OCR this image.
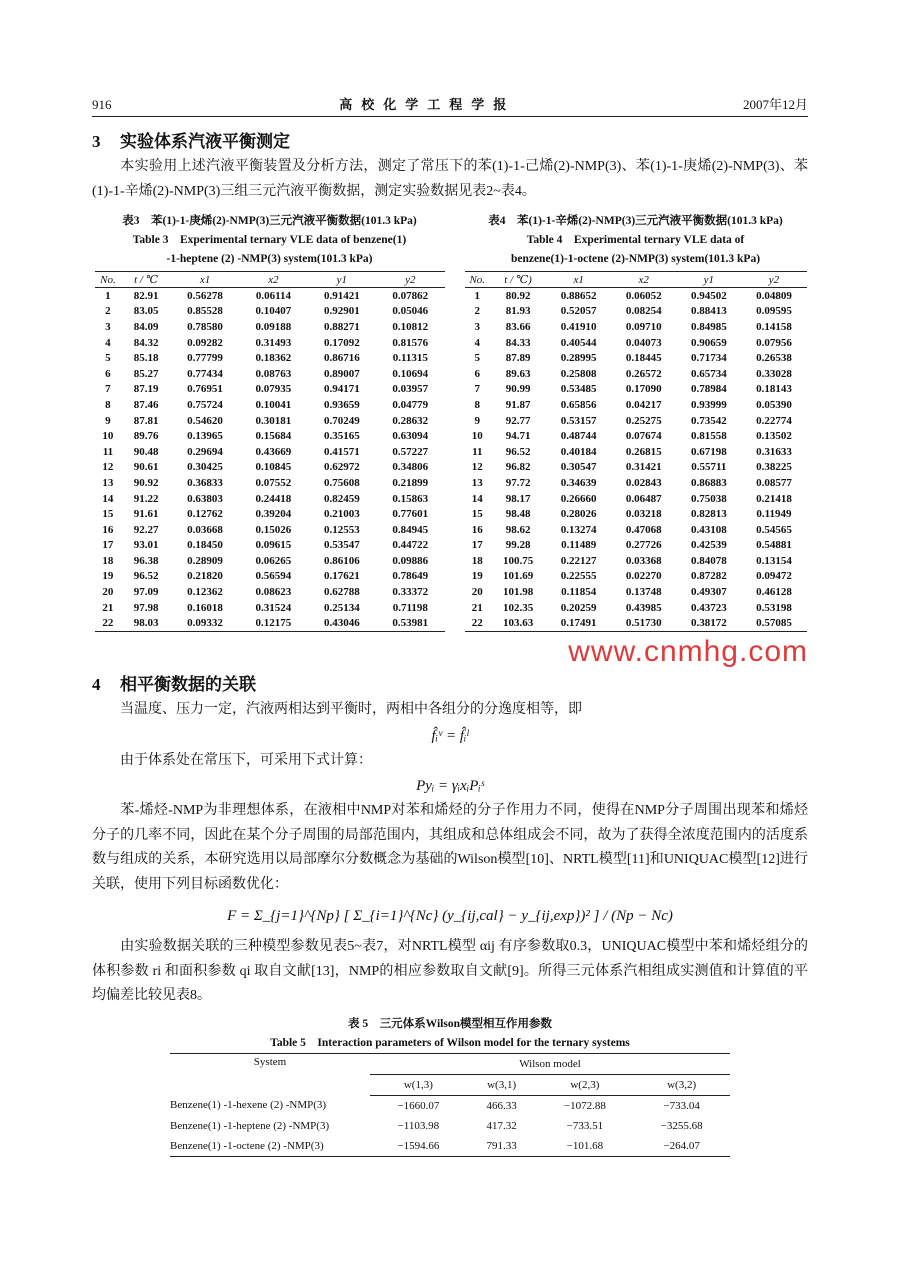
916	高校化学工程学报	2007年12月
3 实验体系汽液平衡测定

本实验用上述汽液平衡装置及分析方法，测定了常压下的苯(1)-1-己烯(2)-NMP(3)、苯(1)-1-庚烯(2)-NMP(3)、苯(1)-1-辛烯(2)-NMP(3)三组三元汽液平衡数据，测定实验数据见表2~表4。

表3　苯(1)-1-庚烯(2)-NMP(3)三元汽液平衡数据(101.3 kPa)
Table 3　Experimental ternary VLE data of benzene(1)
-1-heptene (2) -NMP(3) system(101.3 kPa)
No.	t / ℃	x1	x2	y1	y2
1	82.91	0.56278	0.06114	0.91421	0.07862
2	83.05	0.85528	0.10407	0.92901	0.05046
3	84.09	0.78580	0.09188	0.88271	0.10812
4	84.32	0.09282	0.31493	0.17092	0.81576
5	85.18	0.77799	0.18362	0.86716	0.11315
6	85.27	0.77434	0.08763	0.89007	0.10694
7	87.19	0.76951	0.07935	0.94171	0.03957
8	87.46	0.75724	0.10041	0.93659	0.04779
9	87.81	0.54620	0.30181	0.70249	0.28632
10	89.76	0.13965	0.15684	0.35165	0.63094
11	90.48	0.29694	0.43669	0.41571	0.57227
12	90.61	0.30425	0.10845	0.62972	0.34806
13	90.92	0.36833	0.07552	0.75608	0.21899
14	91.22	0.63803	0.24418	0.82459	0.15863
15	91.61	0.12762	0.39204	0.21003	0.77601
16	92.27	0.03668	0.15026	0.12553	0.84945
17	93.01	0.18450	0.09615	0.53547	0.44722
18	96.38	0.28909	0.06265	0.86106	0.09886
19	96.52	0.21820	0.56594	0.17621	0.78649
20	97.09	0.12362	0.08623	0.62788	0.33372
21	97.98	0.16018	0.31524	0.25134	0.71198
22	98.03	0.09332	0.12175	0.43046	0.53981
表4　苯(1)-1-辛烯(2)-NMP(3)三元汽液平衡数据(101.3 kPa)
Table 4　Experimental ternary VLE data of
benzene(1)-1-octene (2)-NMP(3) system(101.3 kPa)
No.	t / ℃)	x1	x2	y1	y2
1	80.92	0.88652	0.06052	0.94502	0.04809
2	81.93	0.52057	0.08254	0.88413	0.09595
3	83.66	0.41910	0.09710	0.84985	0.14158
4	84.33	0.40544	0.04073	0.90659	0.07956
5	87.89	0.28995	0.18445	0.71734	0.26538
6	89.63	0.25808	0.26572	0.65734	0.33028
7	90.99	0.53485	0.17090	0.78984	0.18143
8	91.87	0.65856	0.04217	0.93999	0.05390
9	92.77	0.53157	0.25275	0.73542	0.22774
10	94.71	0.48744	0.07674	0.81558	0.13502
11	96.52	0.40184	0.26815	0.67198	0.31633
12	96.82	0.30547	0.31421	0.55711	0.38225
13	97.72	0.34639	0.02843	0.86883	0.08577
14	98.17	0.26660	0.06487	0.75038	0.21418
15	98.48	0.28026	0.03218	0.82813	0.11949
16	98.62	0.13274	0.47068	0.43108	0.54565
17	99.28	0.11489	0.27726	0.42539	0.54881
18	100.75	0.22127	0.03368	0.84078	0.13154
19	101.69	0.22555	0.02270	0.87282	0.09472
20	101.98	0.11854	0.13748	0.49307	0.46128
21	102.35	0.20259	0.43985	0.43723	0.53198
22	103.63	0.17491	0.51730	0.38172	0.57085
www.cnmhg.com
4 相平衡数据的关联

当温度、压力一定，汽液两相达到平衡时，两相中各组分的分逸度相等，即

f̂ᵢᵛ = f̂ᵢˡ

由于体系处在常压下，可采用下式计算：

Pyᵢ = γᵢxᵢPᵢˢ

苯-烯烃-NMP为非理想体系，在液相中NMP对苯和烯烃的分子作用力不同，使得在NMP分子周围出现苯和烯烃分子的几率不同，因此在某个分子周围的局部范围内，其组成和总体组成会不同，故为了获得全浓度范围内的活度系数与组成的关系，本研究选用以局部摩尔分数概念为基础的Wilson模型[10]、NRTL模型[11]和UNIQUAC模型[12]进行关联，使用下列目标函数优化：

F = Σ_{j=1}^{Np} [ Σ_{i=1}^{Nc} (y_{ij,cal} − y_{ij,exp})² ] / (Np − Nc)

由实验数据关联的三种模型参数见表5~表7，对NRTL模型 αij 有序参数取0.3，UNIQUAC模型中苯和烯烃组分的体积参数 ri 和面积参数 qi 取自文献[13]，NMP的相应参数取自文献[9]。所得三元体系汽相组成实测值和计算值的平均偏差比较见表8。

表 5　三元体系Wilson模型相互作用参数
Table 5　Interaction parameters of Wilson model for the ternary systems
System	Wilson model			
	w(1,3)	w(3,1)	w(2,3)	w(3,2)
Benzene(1) -1-hexene (2) -NMP(3)	−1660.07	466.33	−1072.88	−733.04
Benzene(1) -1-heptene (2) -NMP(3)	−1103.98	417.32	−733.51	−3255.68
Benzene(1) -1-octene (2) -NMP(3)	−1594.66	791.33	−101.68	−264.07
